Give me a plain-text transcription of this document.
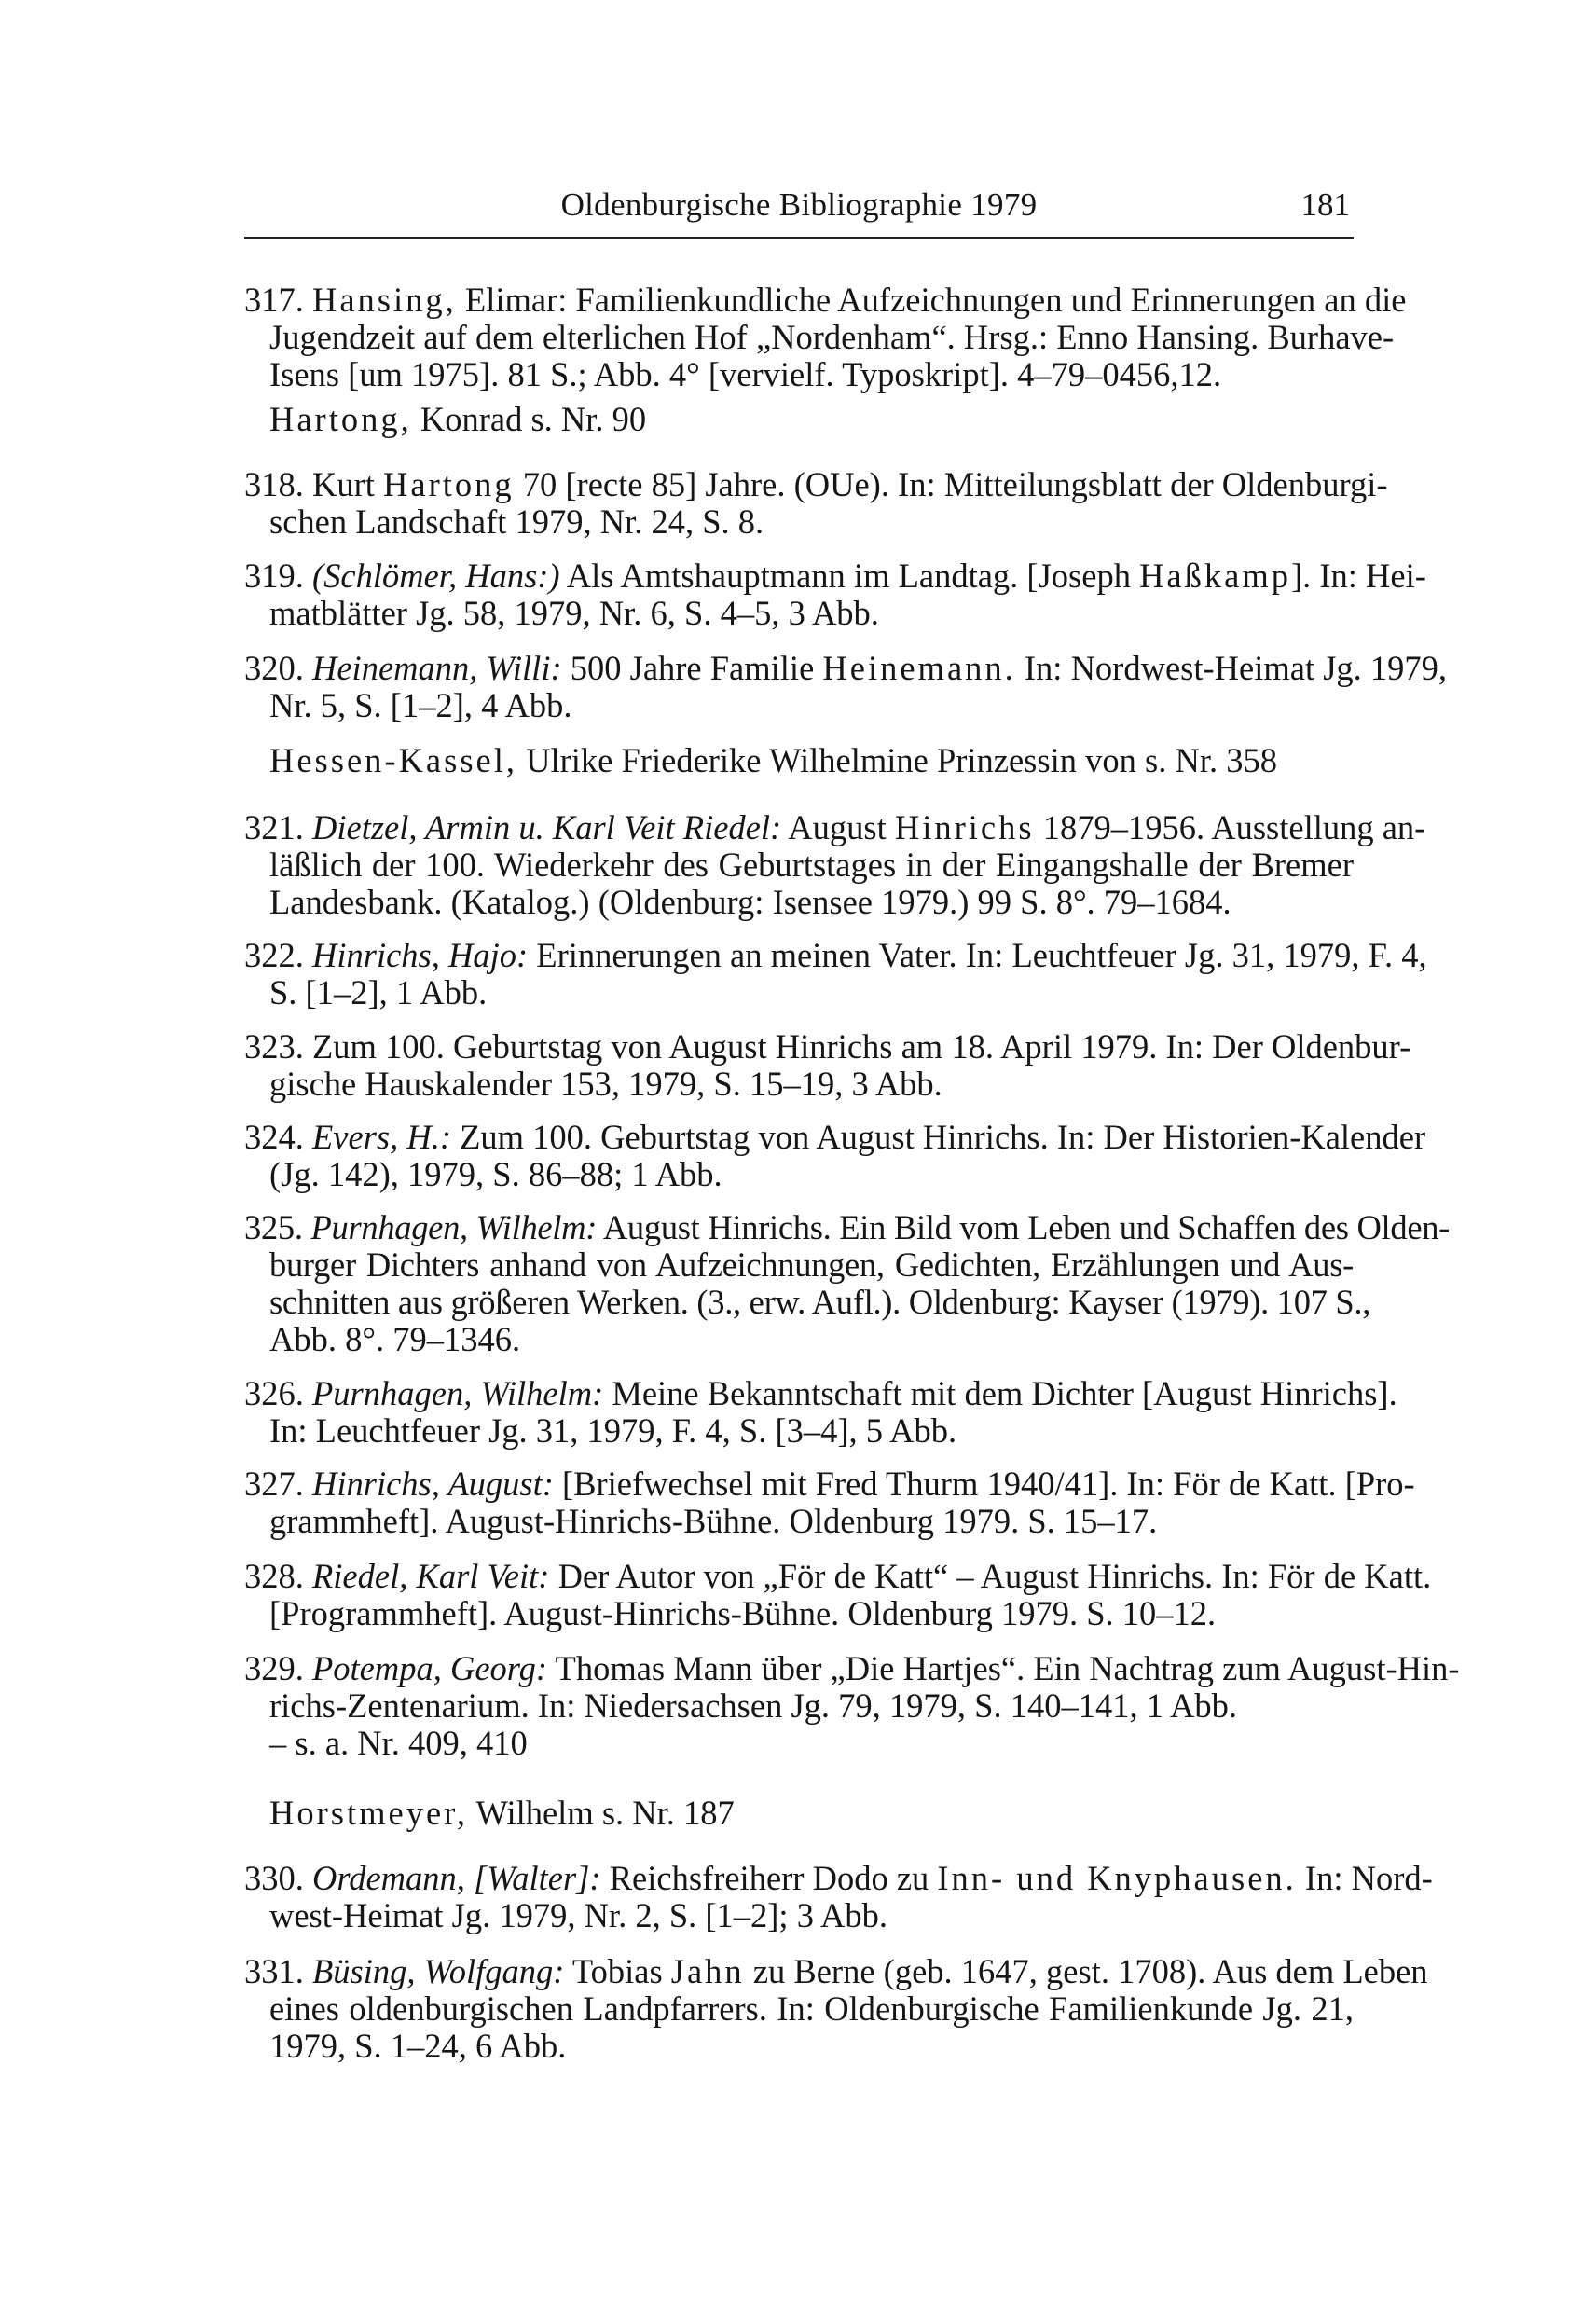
Oldenburgische Bibliographie 1979	181
317. Hansing, Elimar: Familienkundliche Aufzeichnungen und Erinnerungen an die
Jugendzeit auf dem elterlichen Hof „Nordenham“. Hrsg.: Enno Hansing. Burhave-
Isens [um 1975]. 81 S.; Abb. 4° [vervielf. Typoskript]. 4–79–0456,12.
Hartong, Konrad s. Nr. 90
318. Kurt Hartong 70 [recte 85] Jahre. (OUe). In: Mitteilungsblatt der Oldenburgi-
schen Landschaft 1979, Nr. 24, S. 8.
319. (Schlömer, Hans:) Als Amtshauptmann im Landtag. [Joseph Haßkamp]. In: Hei-
matblätter Jg. 58, 1979, Nr. 6, S. 4–5, 3 Abb.
320. Heinemann, Willi: 500 Jahre Familie Heinemann. In: Nordwest-Heimat Jg. 1979,
Nr. 5, S. [1–2], 4 Abb.
Hessen-Kassel, Ulrike Friederike Wilhelmine Prinzessin von s. Nr. 358
321. Dietzel, Armin u. Karl Veit Riedel: August Hinrichs 1879–1956. Ausstellung an-
läßlich der 100. Wiederkehr des Geburtstages in der Eingangshalle der Bremer
Landesbank. (Katalog.) (Oldenburg: Isensee 1979.) 99 S. 8°. 79–1684.
322. Hinrichs, Hajo: Erinnerungen an meinen Vater. In: Leuchtfeuer Jg. 31, 1979, F. 4,
S. [1–2], 1 Abb.
323. Zum 100. Geburtstag von August Hinrichs am 18. April 1979. In: Der Oldenbur-
gische Hauskalender 153, 1979, S. 15–19, 3 Abb.
324. Evers, H.: Zum 100. Geburtstag von August Hinrichs. In: Der Historien-Kalender
(Jg. 142), 1979, S. 86–88; 1 Abb.
325. Purnhagen, Wilhelm: August Hinrichs. Ein Bild vom Leben und Schaffen des Olden-
burger Dichters anhand von Aufzeichnungen, Gedichten, Erzählungen und Aus-
schnitten aus größeren Werken. (3., erw. Aufl.). Oldenburg: Kayser (1979). 107 S.,
Abb. 8°. 79–1346.
326. Purnhagen, Wilhelm: Meine Bekanntschaft mit dem Dichter [August Hinrichs].
In: Leuchtfeuer Jg. 31, 1979, F. 4, S. [3–4], 5 Abb.
327. Hinrichs, August: [Briefwechsel mit Fred Thurm 1940/41]. In: För de Katt. [Pro-
grammheft]. August-Hinrichs-Bühne. Oldenburg 1979. S. 15–17.
328. Riedel, Karl Veit: Der Autor von „För de Katt“ – August Hinrichs. In: För de Katt.
[Programmheft]. August-Hinrichs-Bühne. Oldenburg 1979. S. 10–12.
329. Potempa, Georg: Thomas Mann über „Die Hartjes“. Ein Nachtrag zum August-Hin-
richs-Zentenarium. In: Niedersachsen Jg. 79, 1979, S. 140–141, 1 Abb.
– s. a. Nr. 409, 410
Horstmeyer, Wilhelm s. Nr. 187
330. Ordemann, [Walter]: Reichsfreiherr Dodo zu Inn- und Knyphausen. In: Nord-
west-Heimat Jg. 1979, Nr. 2, S. [1–2]; 3 Abb.
331. Büsing, Wolfgang: Tobias Jahn zu Berne (geb. 1647, gest. 1708). Aus dem Leben
eines oldenburgischen Landpfarrers. In: Oldenburgische Familienkunde Jg. 21,
1979, S. 1–24, 6 Abb.
